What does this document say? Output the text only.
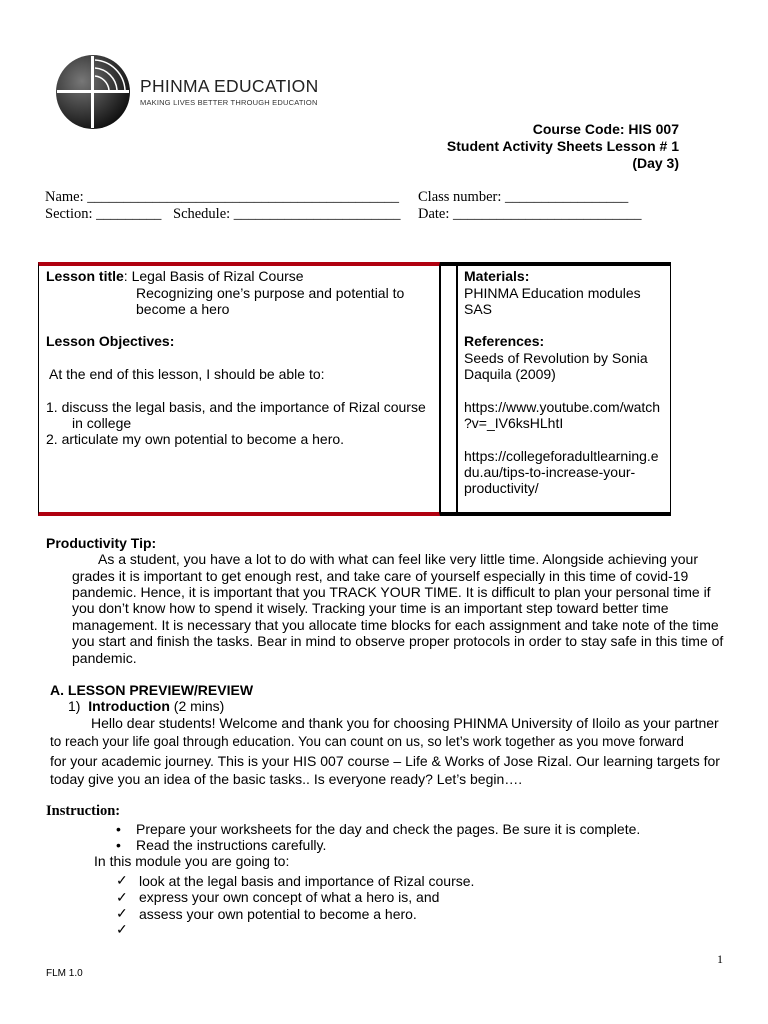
PHINMA EDUCATION
MAKING LIVES BETTER THROUGH EDUCATION
Course Code: HIS 007
Student Activity Sheets Lesson # 1
(Day 3)
Name: ___________________________________________ Class number: _________________
Section: _________ Schedule: _______________________ Date: __________________________
Lesson title: Legal Basis of Rizal Course
Recognizing one’s purpose and potential to
become a hero
Lesson Objectives:
At the end of this lesson, I should be able to:
1. discuss the legal basis, and the importance of Rizal course
in college
2. articulate my own potential to become a hero.
Materials:
PHINMA Education modules
SAS
References:
Seeds of Revolution by Sonia
Daquila (2009)
https://www.youtube.com/watch
?v=_IV6ksHLhtI
https://collegeforadultlearning.e
du.au/tips-to-increase-your-
productivity/
Productivity Tip:
As a student, you have a lot to do with what can feel like very little time. Alongside achieving your
grades it is important to get enough rest, and take care of yourself especially in this time of covid-19
pandemic. Hence, it is important that you TRACK YOUR TIME. It is difficult to plan your personal time if
you don’t know how to spend it wisely. Tracking your time is an important step toward better time
management. It is necessary that you allocate time blocks for each assignment and take note of the time
you start and finish the tasks. Bear in mind to observe proper protocols in order to stay safe in this time of
pandemic.
A. LESSON PREVIEW/REVIEW
1) Introduction (2 mins)
Hello dear students! Welcome and thank you for choosing PHINMA University of Iloilo as your partner
to reach your life goal through education. You can count on us, so let’s work together as you move forward
for your academic journey. This is your HIS 007 course – Life & Works of Jose Rizal. Our learning targets for
today give you an idea of the basic tasks.. Is everyone ready? Let’s begin….
Instruction:
• Prepare your worksheets for the day and check the pages. Be sure it is complete.
• Read the instructions carefully.
In this module you are going to:
✓ look at the legal basis and importance of Rizal course.
✓ express your own concept of what a hero is, and
✓ assess your own potential to become a hero.
✓
1
FLM 1.0
